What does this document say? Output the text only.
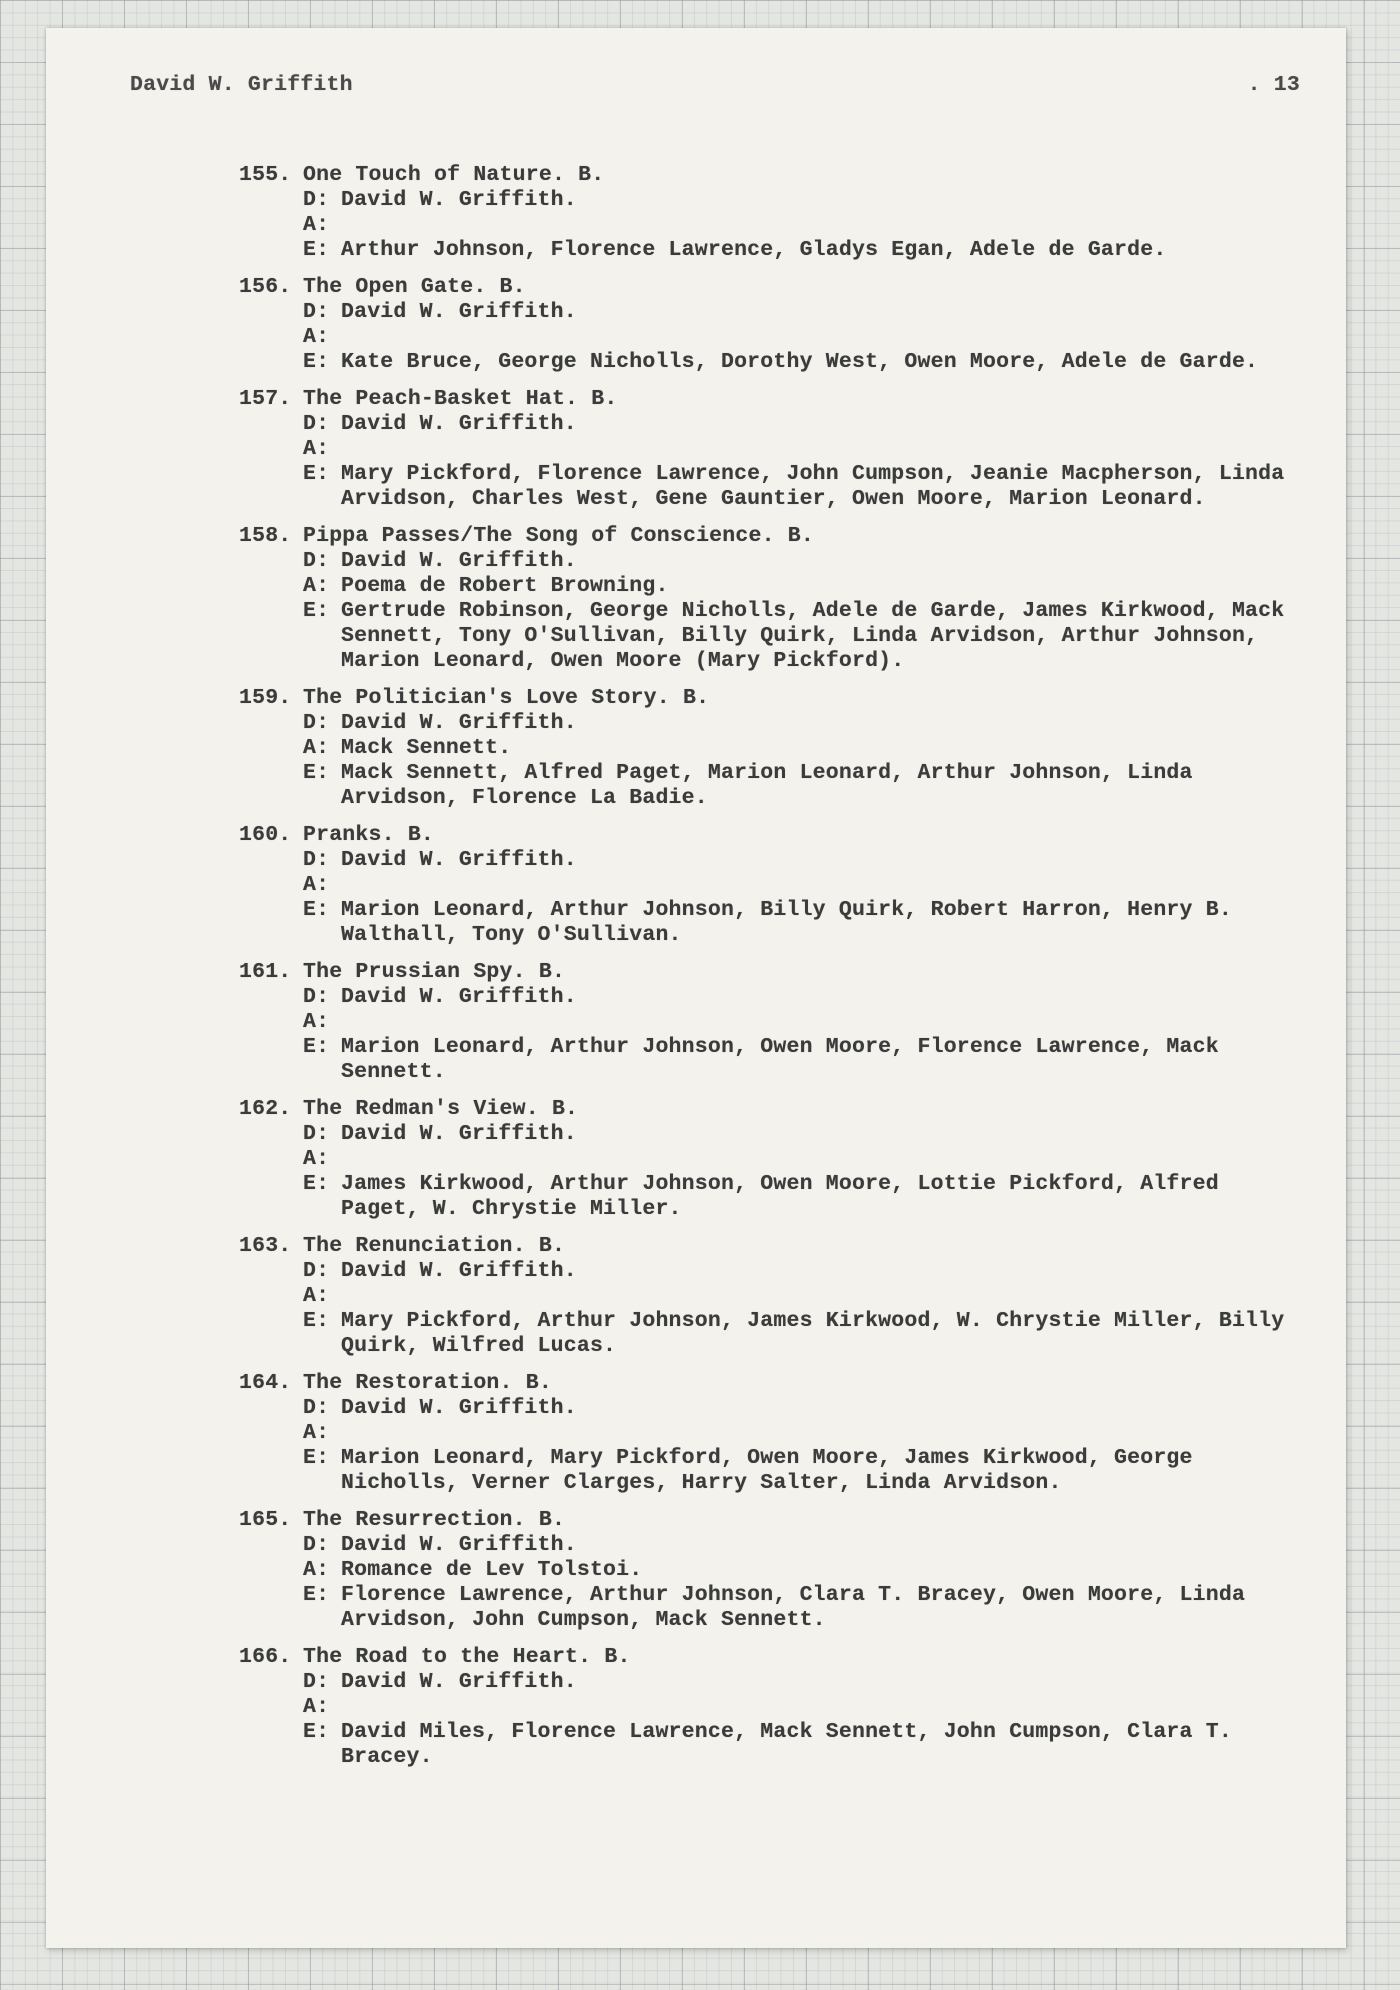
David W. Griffith	. 13
155. One Touch of Nature. B.
D: David W. Griffith.
A:
E: Arthur Johnson, Florence Lawrence, Gladys Egan, Adele de Garde.
156. The Open Gate. B.
D: David W. Griffith.
A:
E: Kate Bruce, George Nicholls, Dorothy West, Owen Moore, Adele de Garde.
157. The Peach-Basket Hat. B.
D: David W. Griffith.
A:
E: Mary Pickford, Florence Lawrence, John Cumpson, Jeanie Macpherson, Linda Arvidson, Charles West, Gene Gauntier, Owen Moore, Marion Leonard.
158. Pippa Passes/The Song of Conscience. B.
D: David W. Griffith.
A: Poema de Robert Browning.
E: Gertrude Robinson, George Nicholls, Adele de Garde, James Kirkwood, Mack Sennett, Tony O'Sullivan, Billy Quirk, Linda Arvidson, Arthur Johnson, Marion Leonard, Owen Moore (Mary Pickford).
159. The Politician's Love Story. B.
D: David W. Griffith.
A: Mack Sennett.
E: Mack Sennett, Alfred Paget, Marion Leonard, Arthur Johnson, Linda Arvidson, Florence La Badie.
160. Pranks. B.
D: David W. Griffith.
A:
E: Marion Leonard, Arthur Johnson, Billy Quirk, Robert Harron, Henry B. Walthall, Tony O'Sullivan.
161. The Prussian Spy. B.
D: David W. Griffith.
A:
E: Marion Leonard, Arthur Johnson, Owen Moore, Florence Lawrence, Mack Sennett.
162. The Redman's View. B.
D: David W. Griffith.
A:
E: James Kirkwood, Arthur Johnson, Owen Moore, Lottie Pickford, Alfred Paget, W. Chrystie Miller.
163. The Renunciation. B.
D: David W. Griffith.
A:
E: Mary Pickford, Arthur Johnson, James Kirkwood, W. Chrystie Miller, Billy Quirk, Wilfred Lucas.
164. The Restoration. B.
D: David W. Griffith.
A:
E: Marion Leonard, Mary Pickford, Owen Moore, James Kirkwood, George Nicholls, Verner Clarges, Harry Salter, Linda Arvidson.
165. The Resurrection. B.
D: David W. Griffith.
A: Romance de Lev Tolstoi.
E: Florence Lawrence, Arthur Johnson, Clara T. Bracey, Owen Moore, Linda Arvidson, John Cumpson, Mack Sennett.
166. The Road to the Heart. B.
D: David W. Griffith.
A:
E: David Miles, Florence Lawrence, Mack Sennett, John Cumpson, Clara T. Bracey.
